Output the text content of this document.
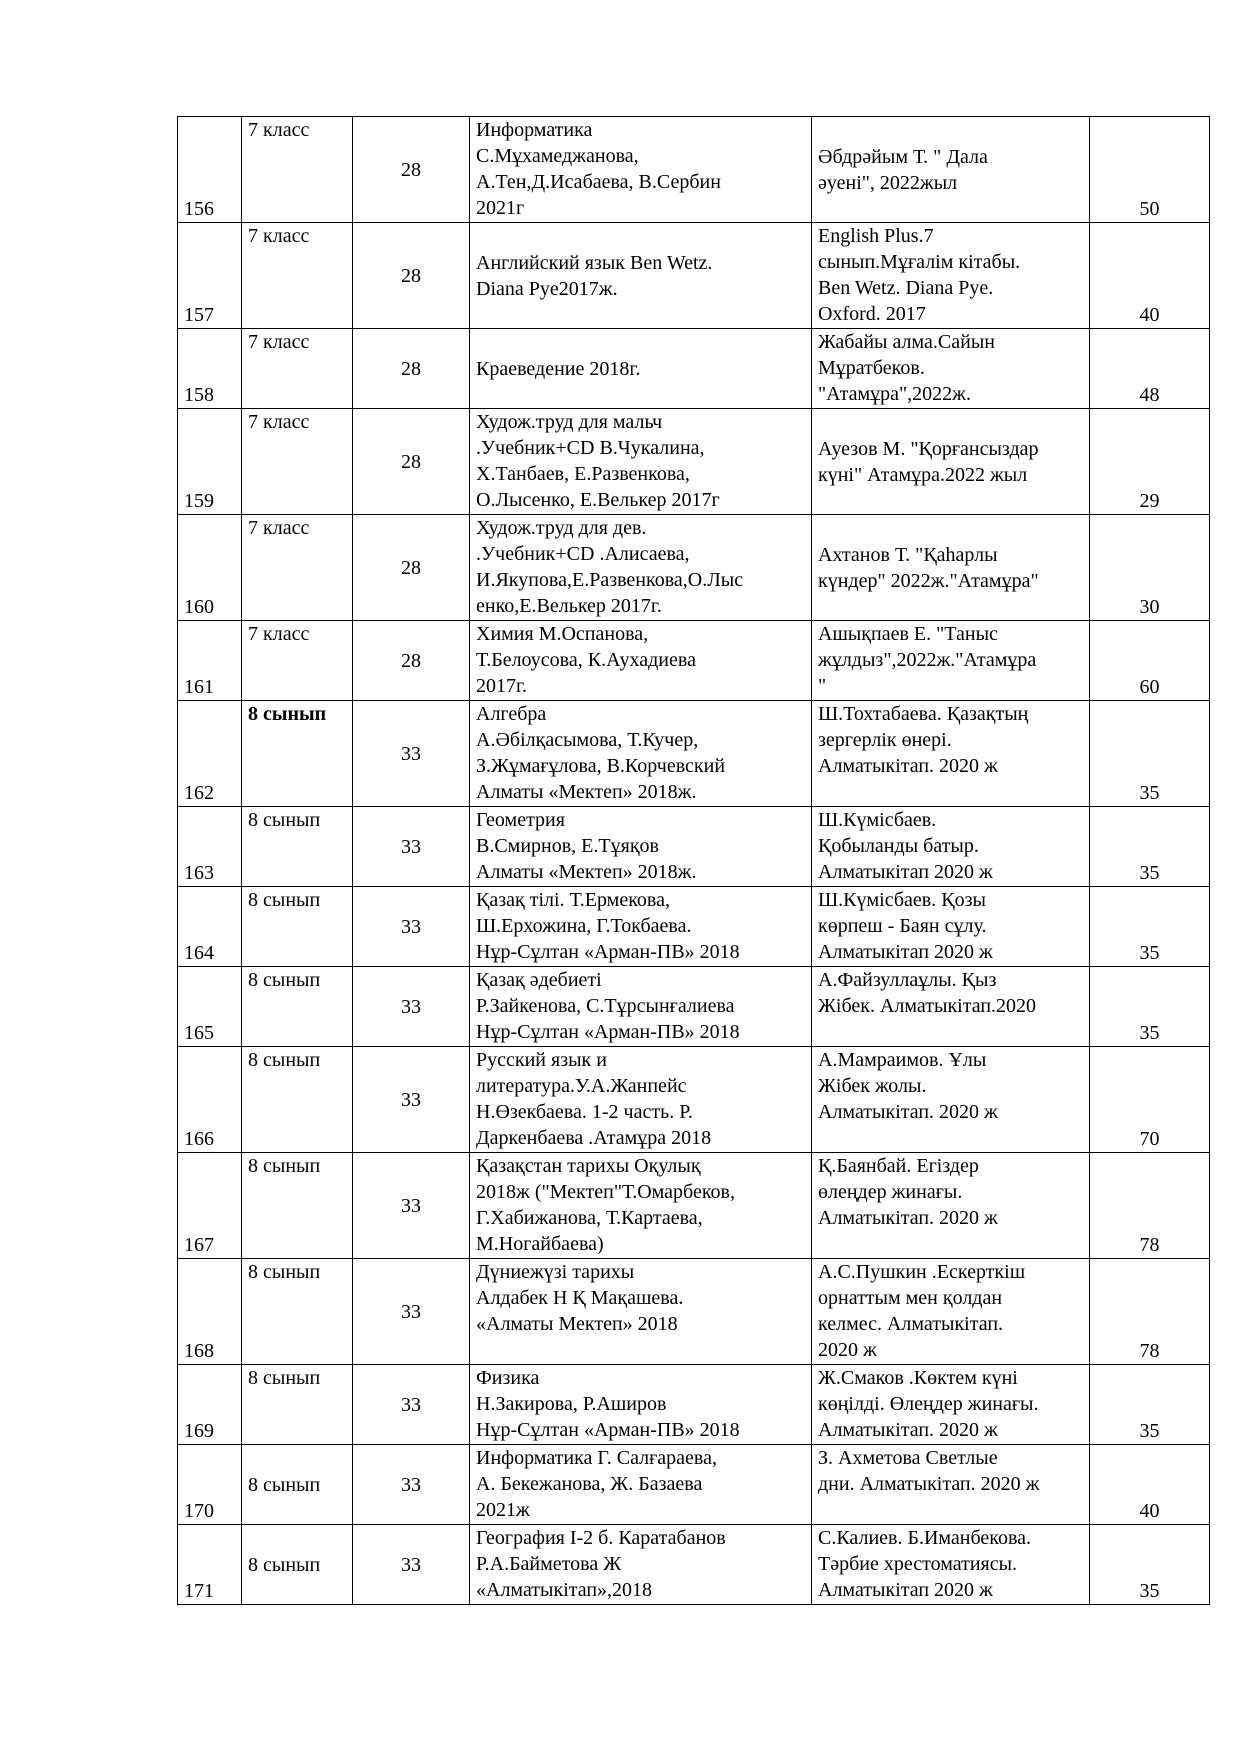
156	7 класс	28	Информатика
С.Мұхамеджанова,
А.Тен,Д.Исабаева, В.Сербин
2021г	Әбдрәйым Т. " Дала
әуені", 2022жыл	50
157	7 класс	28	Английский язык Ben Wetz.
Diana Pye2017ж.	English Plus.7
сынып.Мұғалім кітабы.
Ben Wetz. Diana Pye.
Oxford. 2017	40
158	7 класс	28	Краеведение 2018г.	Жабайы алма.Сайын
Мұратбеков.
"Атамұра",2022ж.	48
159	7 класс	28	Худож.труд для мальч
.Учебник+CD В.Чукалина,
Х.Танбаев, Е.Развенкова,
О.Лысенко, Е.Велькер 2017г	Ауезов М. "Қорғансыздар
күні" Атамұра.2022 жыл	29
160	7 класс	28	Худож.труд для дев.
.Учебник+CD .Алисаева,
И.Якупова,Е.Развенкова,О.Лыс
енко,Е.Велькер 2017г.	Ахтанов Т. "Қаһарлы
күндер" 2022ж."Атамұра"	30
161	7 класс	28	Химия М.Оспанова,
Т.Белоусова, К.Аухадиева
2017г.	Ашықпаев Е. "Таныс
жұлдыз",2022ж."Атамұра
"	60
162	8 сынып	33	Алгебра
А.Әбілқасымова, Т.Кучер,
З.Жұмағұлова, В.Корчевский
Алматы «Мектеп» 2018ж.	Ш.Тохтабаева. Қазақтың
зергерлік өнері.
Алматыкітап. 2020 ж	35
163	8 сынып	33	Геометрия
В.Смирнов, Е.Тұяқов
Алматы «Мектеп» 2018ж.	Ш.Күмісбаев.
Қобыланды батыр.
Алматыкітап 2020 ж	35
164	8 сынып	33	Қазақ тілі. Т.Ермекова,
Ш.Ерхожина, Г.Токбаева.
Нұр-Сұлтан «Арман-ПВ» 2018	Ш.Күмісбаев. Қозы
көрпеш - Баян сұлу.
Алматыкітап 2020 ж	35
165	8 сынып	33	Қазақ әдебиеті
Р.Зайкенова, С.Тұрсынғалиева
Нұр-Сұлтан «Арман-ПВ» 2018	А.Файзуллаұлы. Қыз
Жібек. Алматыкітап.2020	35
166	8 сынып	33	Русский язык и
литература.У.А.Жанпейс
Н.Өзекбаева. 1-2 часть. Р.
Даркенбаева .Атамұра 2018	А.Мамраимов. Ұлы
Жібек жолы.
Алматыкітап. 2020 ж	70
167	8 сынып	33	Қазақстан тарихы Оқулық
2018ж ("Мектеп"Т.Омарбеков,
Г.Хабижанова, Т.Картаева,
М.Ногайбаева)	Қ.Баянбай. Егіздер
өлеңдер жинағы.
Алматыкітап. 2020 ж	78
168	8 сынып	33	Дүниежүзі тарихы
Алдабек Н Қ Мақашева.
«Алматы Мектеп» 2018	А.С.Пушкин .Ескерткіш
орнаттым мен қолдан
келмес. Алматыкітап.
2020 ж	78
169	8 сынып	33	Физика
Н.Закирова, Р.Аширов
Нұр-Сұлтан «Арман-ПВ» 2018	Ж.Смаков .Көктем күні
көңілді. Өлеңдер жинағы.
Алматыкітап. 2020 ж	35
170	8 сынып	33	Информатика Г. Салғараева,
А. Бекежанова, Ж. Базаева
2021ж	З. Ахметова Светлые
дни. Алматыкітап. 2020 ж	40
171	8 сынып	33	География І-2 б. Каратабанов
Р.А.Байметова Ж
«Алматыкітап»,2018	С.Калиев. Б.Иманбекова.
Тәрбие хрестоматиясы.
Алматыкітап 2020 ж	35
